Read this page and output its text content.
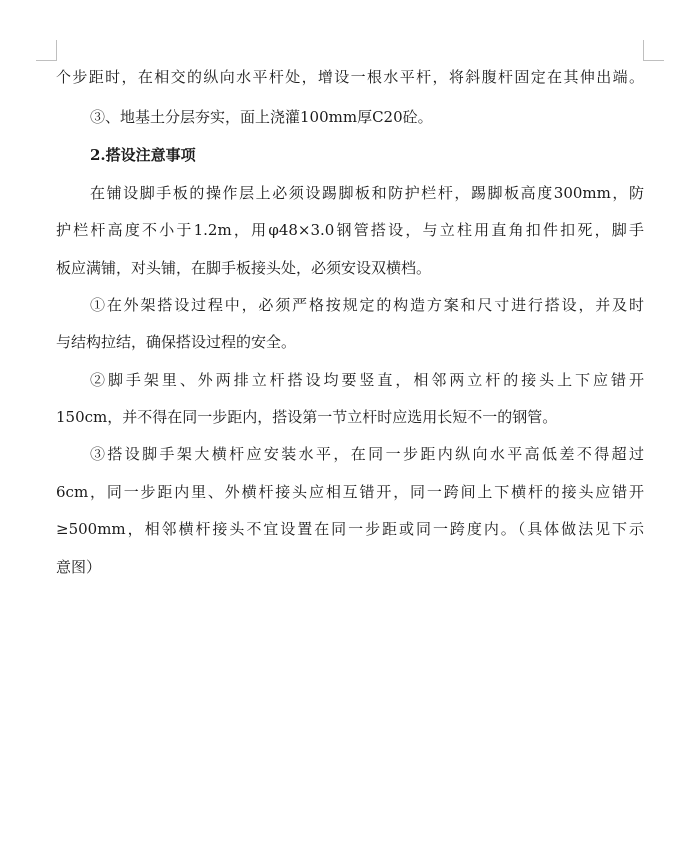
个步距时，在相交的纵向水平杆处，增设一根水平杆，将斜腹杆固定在其伸出端。
③、地基土分层夯实，面上浇灌100mm厚C20砼。
2.搭设注意事项
在铺设脚手板的操作层上必须设踢脚板和防护栏杆，踢脚板高度300mm，防
护栏杆高度不小于1.2m，用φ48×3.0钢管搭设，与立柱用直角扣件扣死，脚手
板应满铺，对头铺，在脚手板接头处，必须安设双横档。
①在外架搭设过程中，必须严格按规定的构造方案和尺寸进行搭设，并及时
与结构拉结，确保搭设过程的安全。
②脚手架里、外两排立杆搭设均要竖直，相邻两立杆的接头上下应错开
150cm，并不得在同一步距内，搭设第一节立杆时应选用长短不一的钢管。
③搭设脚手架大横杆应安装水平，在同一步距内纵向水平高低差不得超过
6cm，同一步距内里、外横杆接头应相互错开，同一跨间上下横杆的接头应错开
≥500mm，相邻横杆接头不宜设置在同一步距或同一跨度内。（具体做法见下示
意图）
